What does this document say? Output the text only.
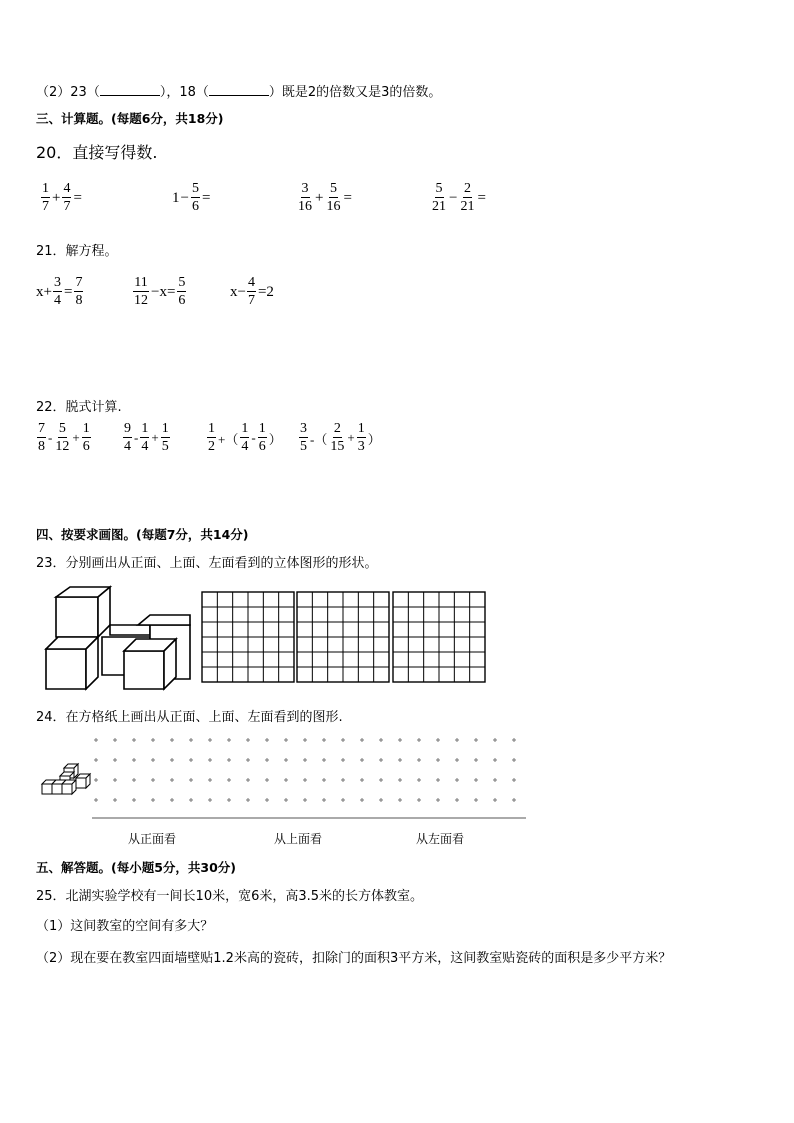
（2）23（	），18（	）既是2的倍数又是3的倍数。
三、计算题。(每题6分，共18分)
20．直接写得数.
$\frac{1}{7} + \frac{4}{7}$ =	$1 - \frac{5}{6}$ =	$\frac{3}{16} + \frac{5}{16}$ =	$\frac{5}{21} - \frac{2}{21}$ =
21．解方程。
$x+ \frac{3}{4} = \frac{7}{8}$	$\frac{11}{12} -x= \frac{5}{6}$	$x- \frac{4}{7} =2$
22．脱式计算.
$\frac{7}{8} - \frac{5}{12} + \frac{1}{6} \frac{9}{4} - \frac{1}{4} + \frac{1}{5}$	$\frac{1}{2}$ +（ $\frac{1}{4} - \frac{1}{6}$ ） $\frac{3}{5}$ -（ $\frac{2}{15} + \frac{1}{3}$ ）
四、按要求画图。(每题7分，共14分)
23．分别画出从正面、上面、左面看到的立体图形的形状。
24．在方格纸上画出从正面、上面、左面看到的图形.
从正面看	从上面看	从左面看
五、解答题。(每小题5分，共30分)
25．北湖实验学校有一间长10米，宽6米，高3.5米的长方体教室。
（1）这间教室的空间有多大？
（2）现在要在教室四面墙壁贴1.2米高的瓷砖，扣除门的面积3平方米，这间教室贴瓷砖的面积是多少平方米？
